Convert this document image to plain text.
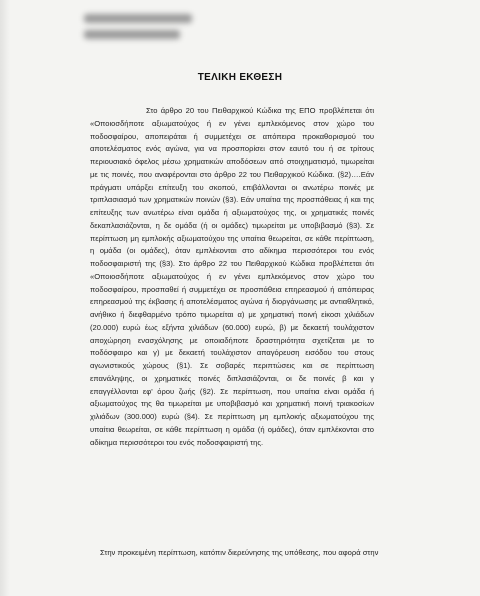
ΤΕΛΙΚΗ ΕΚΘΕΣΗ

Στο άρθρο 20 του Πειθαρχικού Κώδικα της ΕΠΟ προβλέπεται ότι «Οποιοσδήποτε αξιωματούχος ή εν γένει εμπλεκόμενος στον χώρο του ποδοσφαίρου, αποπειράται ή συμμετέχει σε απόπειρα προκαθορισμού του αποτελέσματος ενός αγώνα, για να προσπορίσει στον εαυτό του ή σε τρίτους περιουσιακό όφελος μέσω χρηματικών αποδόσεων από στοιχηματισμό, τιμωρείται με τις ποινές, που αναφέρονται στο άρθρο 22 του Πειθαρχικού Κώδικα. (§2)….Εάν πράγματι υπάρξει επίτευξη του σκοπού, επιβάλλονται οι ανωτέρω ποινές με τριπλασιασμό των χρηματικών ποινών (§3). Εάν υπαίτια της προσπάθειας ή και της επίτευξης των ανωτέρω είναι ομάδα ή αξιωματούχος της, οι χρηματικές ποινές δεκαπλασιάζονται, η δε ομάδα (ή οι ομάδες) τιμωρείται με υποβιβασμό (§3). Σε περίπτωση μη εμπλοκής αξιωματούχου της υπαίτια θεωρείται, σε κάθε περίπτωση, η ομάδα (οι ομάδες), όταν εμπλέκονται στο αδίκημα περισσότεροι του ενός ποδοσφαιριστή της (§3). Στο άρθρο 22 του Πειθαρχικού Κώδικα προβλέπεται ότι «Οποιοσδήποτε αξιωματούχος ή εν γένει εμπλεκόμενος στον χώρο του ποδοσφαίρου, προσπαθεί ή συμμετέχει σε προσπάθεια επηρεασμού ή απόπειρας επηρεασμού της έκβασης ή αποτελέσματος αγώνα ή διοργάνωσης με αντιαθλητικό, ανήθικο ή διεφθαρμένο τρόπο τιμωρείται α) με χρηματική ποινή είκοσι χιλιάδων (20.000) ευρώ έως εξήντα χιλιάδων (60.000) ευρώ, β) με δεκαετή τουλάχιστον αποχώρηση ενασχόλησης με οποιαδήποτε δραστηριότητα σχετίζεται με το ποδόσφαιρο και γ) με δεκαετή τουλάχιστον απαγόρευση εισόδου του στους αγωνιστικούς χώρους (§1). Σε σοβαρές περιπτώσεις και σε περίπτωση επανάληψης, οι χρηματικές ποινές διπλασιάζονται, οι δε ποινές β και γ επαγγέλλονται εφ' όρου ζωής (§2). Σε περίπτωση, που υπαίτια είναι ομάδα ή αξιωματούχος της θα τιμωρείται με υποβιβασμό και χρηματική ποινή τριακοσίων χιλιάδων (300.000) ευρώ (§4). Σε περίπτωση μη εμπλοκής αξιωματούχου της υπαίτια θεωρείται, σε κάθε περίπτωση η ομάδα (ή ομάδες), όταν εμπλέκονται στο αδίκημα περισσότεροι του ενός ποδοσφαιριστή της.

Στην προκειμένη περίπτωση, κατόπιν διερεύνησης της υπόθεσης, που αφορά στην
